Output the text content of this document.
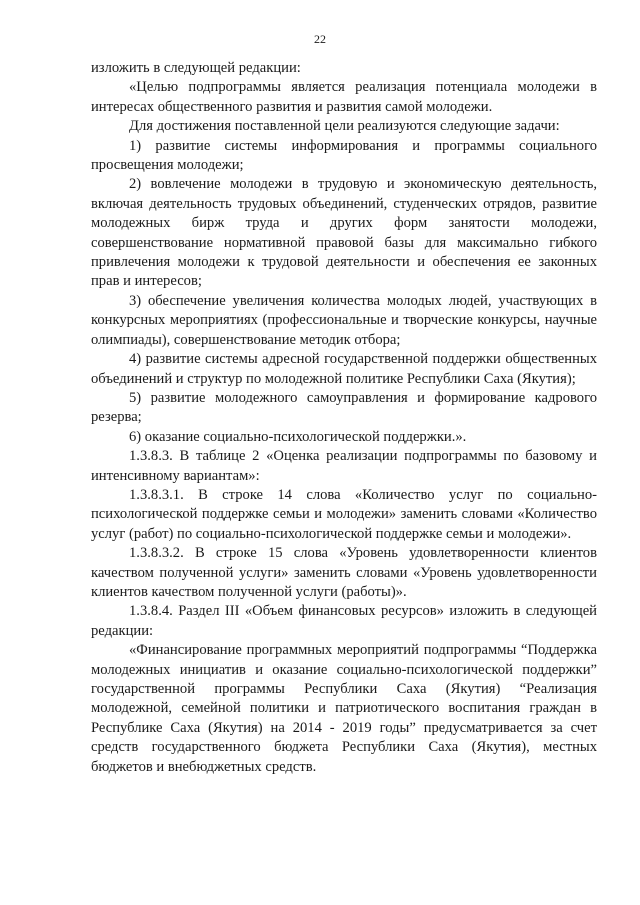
22

изложить в следующей редакции:

«Целью подпрограммы является реализация потенциала молодежи в интересах общественного развития и развития самой молодежи.

Для достижения поставленной цели реализуются следующие задачи:

1) развитие системы информирования и программы социального просвещения молодежи;

2) вовлечение молодежи в трудовую и экономическую деятельность, включая деятельность трудовых объединений, студенческих отрядов, развитие молодежных бирж труда и других форм занятости молодежи, совершенствование нормативной правовой базы для максимально гибкого привлечения молодежи к трудовой деятельности и обеспечения ее законных прав и интересов;

3) обеспечение увеличения количества молодых людей, участвующих в конкурсных мероприятиях (профессиональные и творческие конкурсы, научные олимпиады), совершенствование методик отбора;

4) развитие системы адресной государственной поддержки общественных объединений и структур по молодежной политике Республики Саха (Якутия);

5) развитие молодежного самоуправления и формирование кадрового резерва;

6) оказание социально-психологической поддержки.».

1.3.8.3. В таблице 2 «Оценка реализации подпрограммы по базовому и интенсивному вариантам»:

1.3.8.3.1. В строке 14 слова «Количество услуг по социально-психологической поддержке семьи и молодежи» заменить словами «Количество услуг (работ) по социально-психологической поддержке семьи и молодежи».

1.3.8.3.2. В строке 15 слова «Уровень удовлетворенности клиентов качеством полученной услуги» заменить словами «Уровень удовлетворенности клиентов качеством полученной услуги (работы)».

1.3.8.4. Раздел III «Объем финансовых ресурсов» изложить в следующей редакции:

«Финансирование программных мероприятий подпрограммы “Поддержка молодежных инициатив и оказание социально-психологической поддержки” государственной программы Республики Саха (Якутия) “Реализация молодежной, семейной политики и патриотического воспитания граждан в Республике Саха (Якутия) на 2014 - 2019 годы” предусматривается за счет средств государственного бюджета Республики Саха (Якутия), местных бюджетов и внебюджетных средств.
